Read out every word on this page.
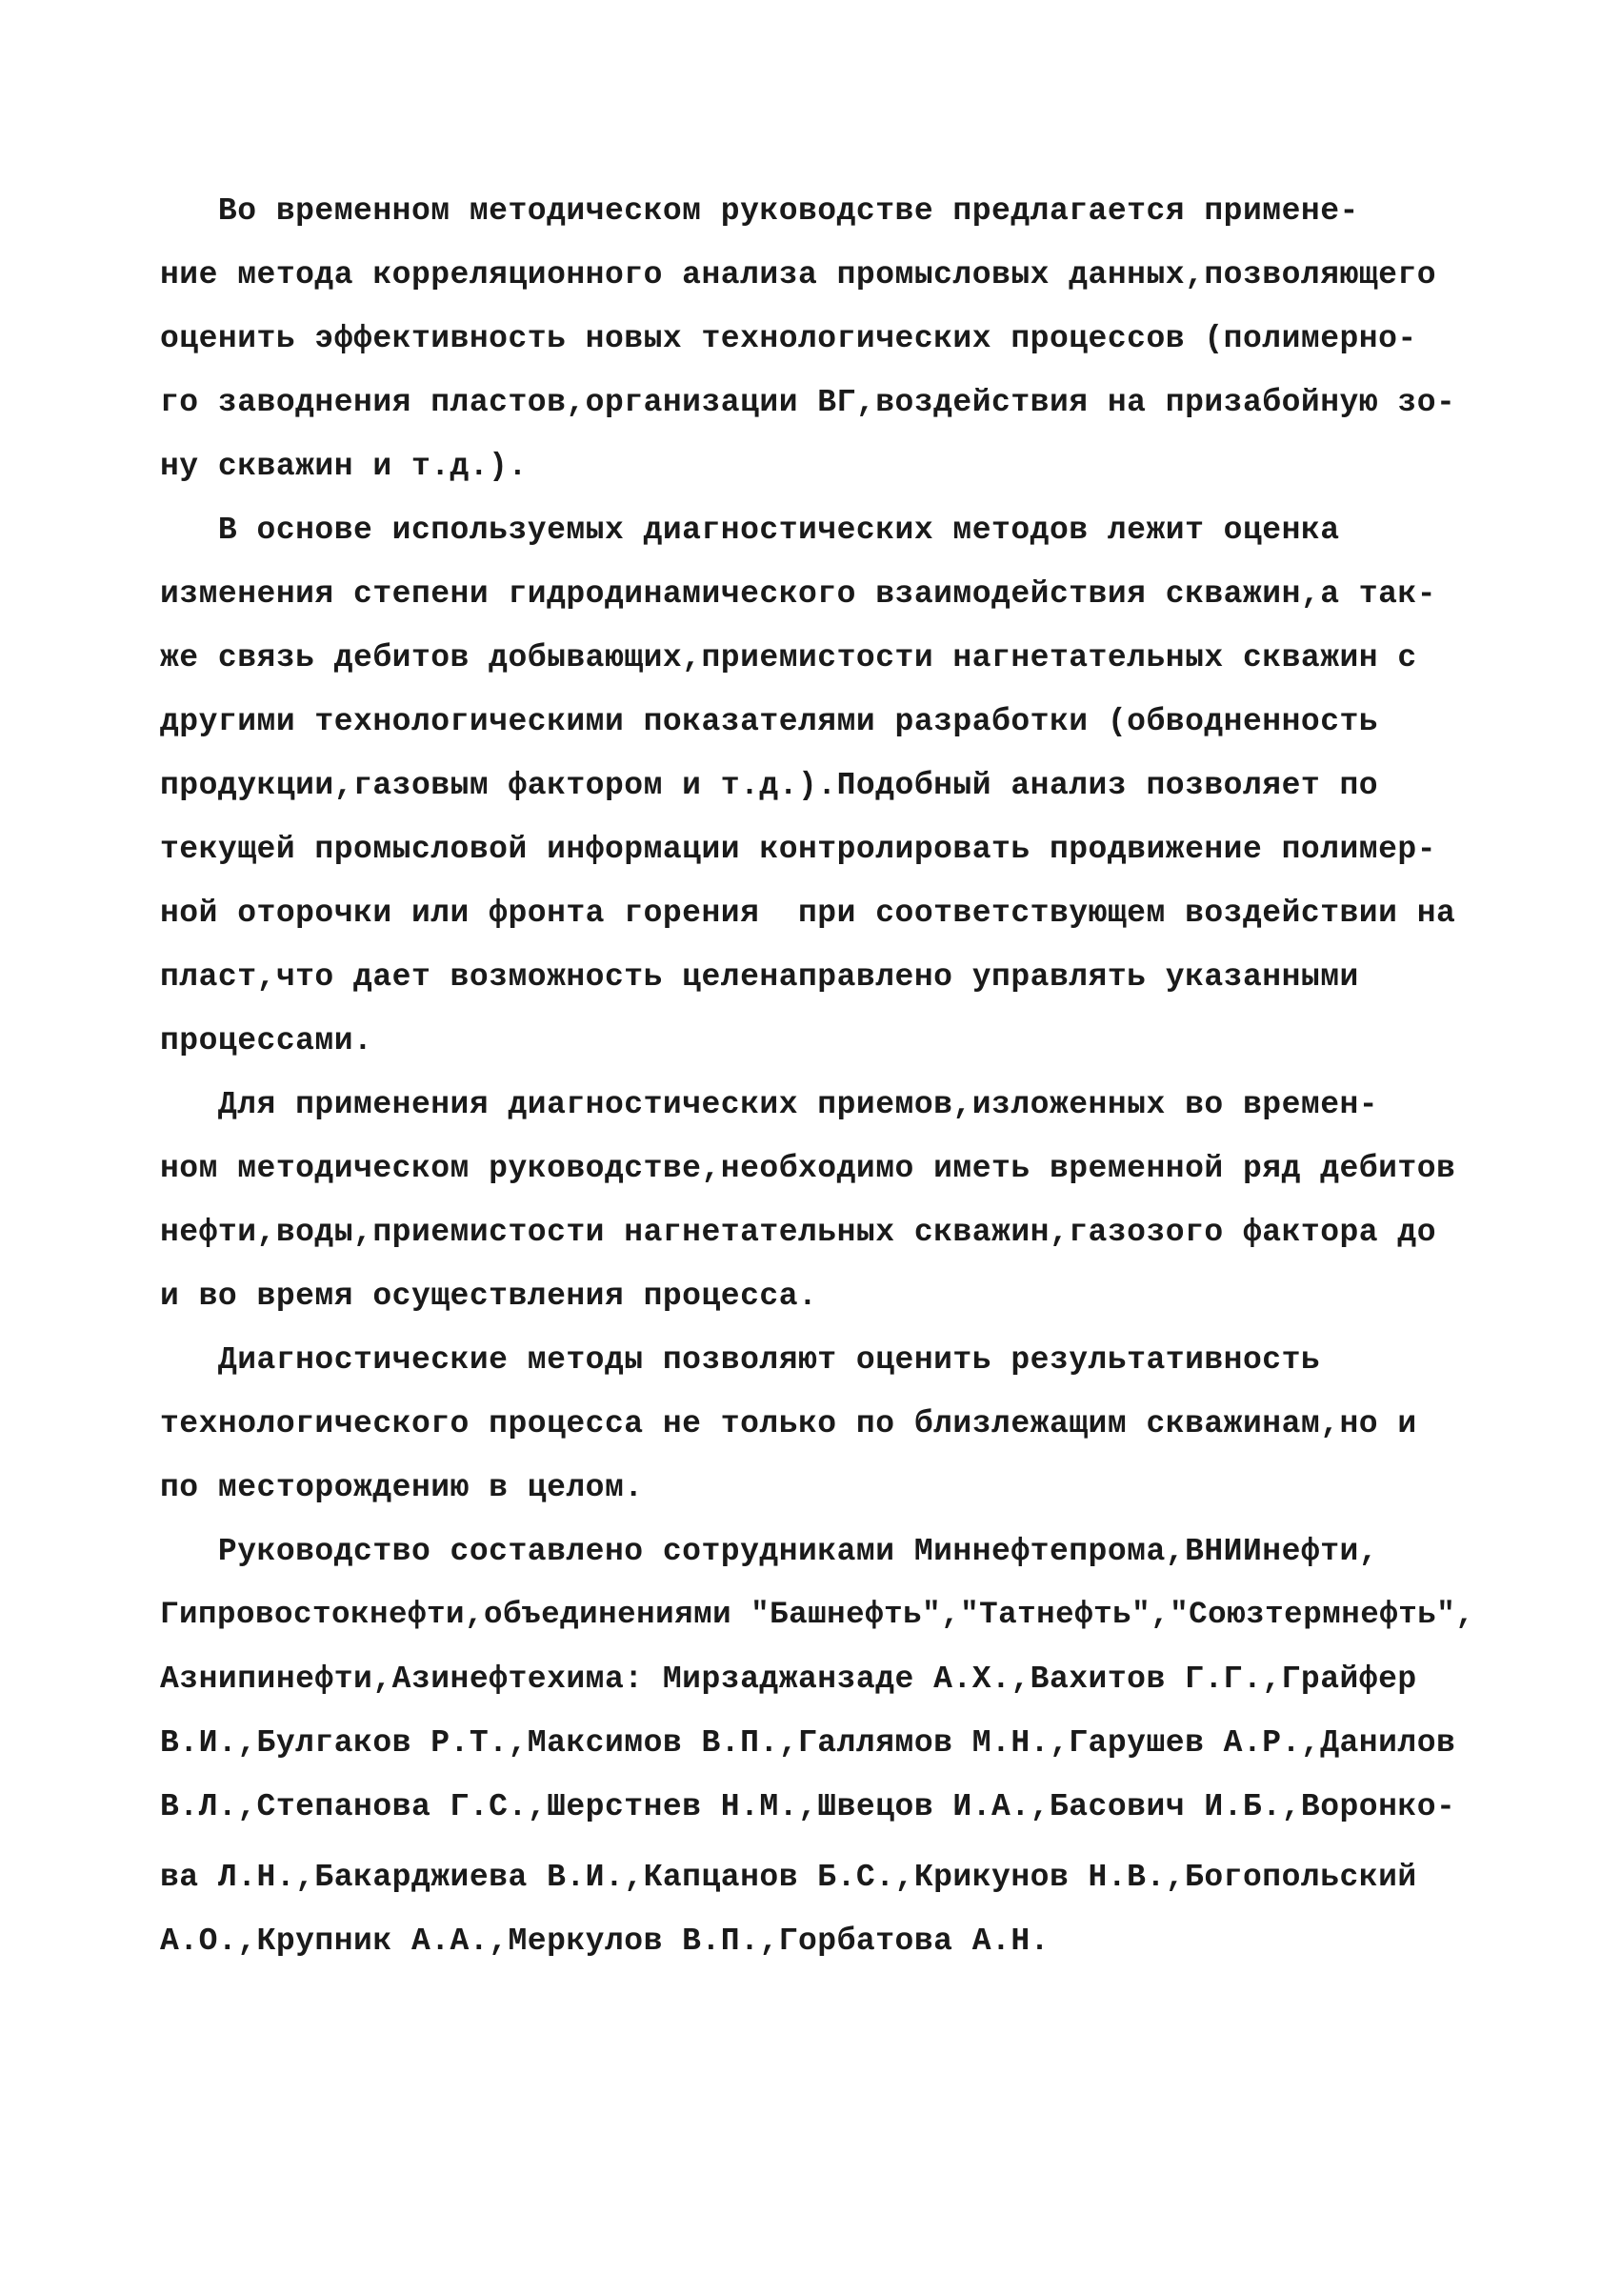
Во временном методическом руководстве предлагается примене-
ние метода корреляционного анализа промысловых данных,позволяющего
оценить эффективность новых технологических процессов (полимерно-
го заводнения пластов,организации ВГ,воздействия на призабойную зо-
ну скважин и т.д.).
В основе используемых диагностических методов лежит оценка
изменения степени гидродинамического взаимодействия скважин,а так-
же связь дебитов добывающих,приемистости нагнетательных скважин с
другими технологическими показателями разработки (обводненность
продукции,газовым фактором и т.д.).Подобный анализ позволяет по
текущей промысловой информации контролировать продвижение полимер-
ной оторочки или фронта горения  при соответствующем воздействии на
пласт,что дает возможность целенаправлено управлять указанными
процессами.
Для применения диагностических приемов,изложенных во времен-
ном методическом руководстве,необходимо иметь временной ряд дебитов
нефти,воды,приемистости нагнетательных скважин,газозого фактора до
и во время осуществления процесса.
Диагностические методы позволяют оценить результативность
технологического процесса не только по близлежащим скважинам,но и
по месторождению в целом.
Руководство составлено сотрудниками Миннефтепрома,ВНИИнефти,
Гипровостокнефти,объединениями "Башнефть","Татнефть","Союзтермнефть",
Азнипинефти,Азинефтехима: Мирзаджанзаде А.Х.,Вахитов Г.Г.,Грайфер
В.И.,Булгаков Р.Т.,Максимов В.П.,Галлямов М.Н.,Гарушев А.Р.,Данилов
В.Л.,Степанова Г.С.,Шерстнев Н.М.,Швецов И.А.,Басович И.Б.,Воронко-
ва Л.Н.,Бакарджиева В.И.,Капцанов Б.С.,Крикунов Н.В.,Богопольский
А.О.,Крупник А.А.,Меркулов В.П.,Горбатова А.Н.
